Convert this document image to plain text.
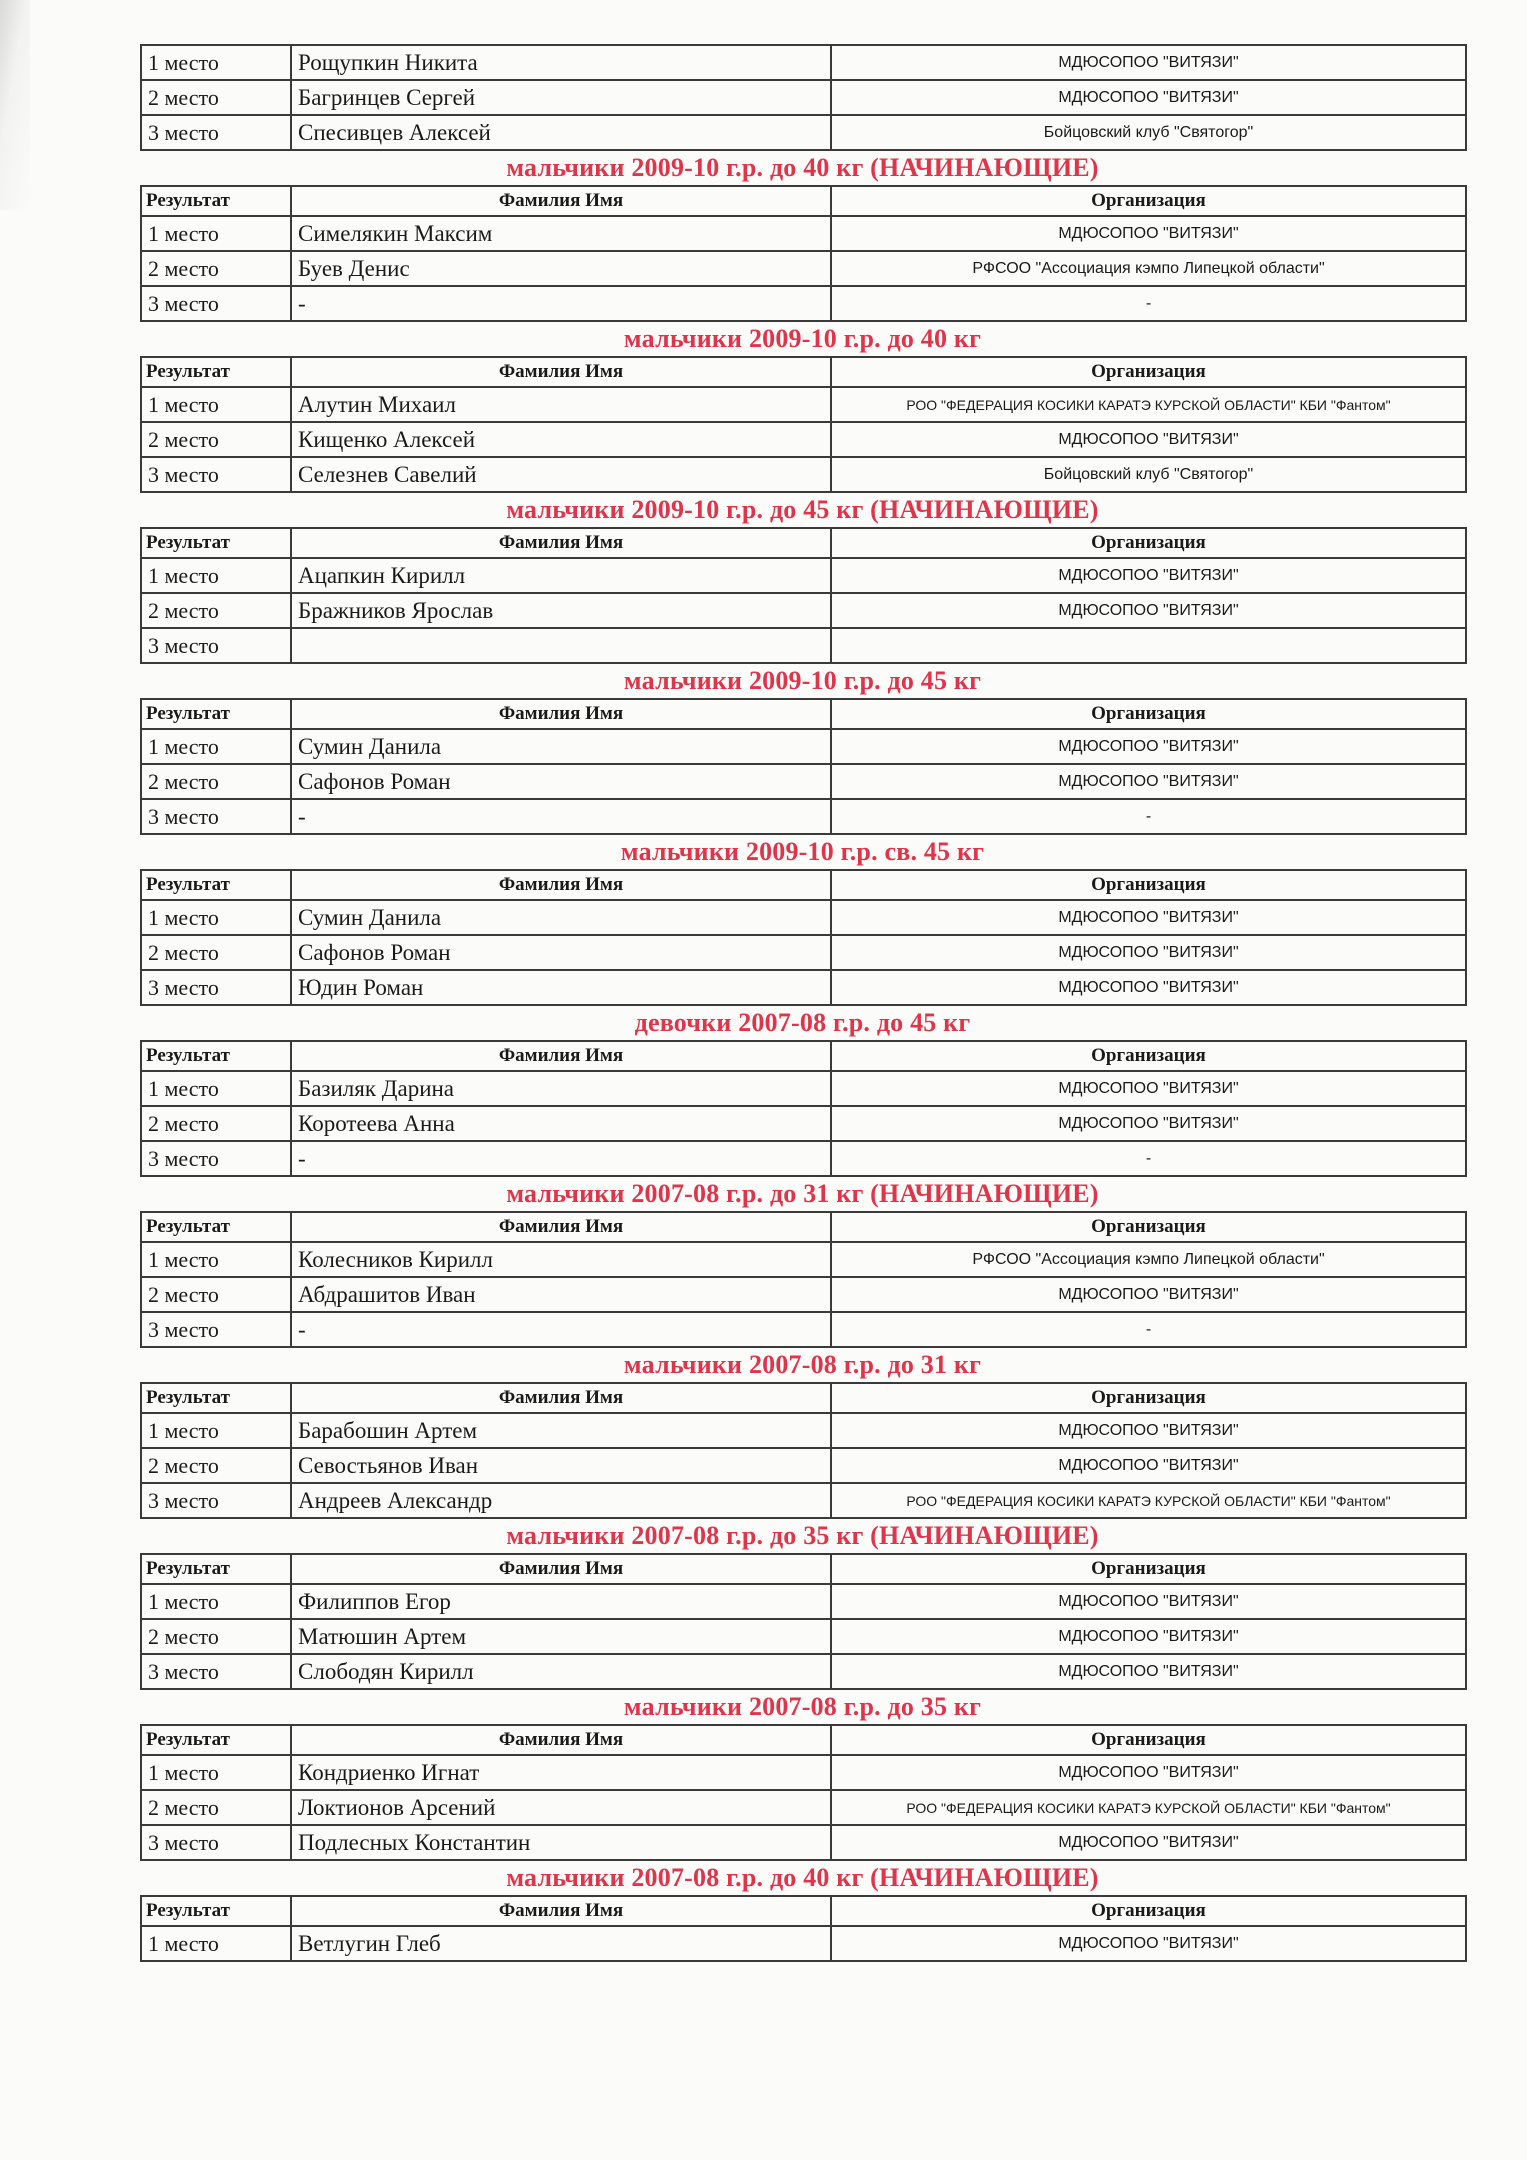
1 место	Рощупкин Никита	МДЮСОПОО "ВИТЯЗИ"
2 место	Багринцев Сергей	МДЮСОПОО "ВИТЯЗИ"
3 место	Спесивцев Алексей	Бойцовский клуб "Святогор"
мальчики 2009-10 г.р. до 40 кг (НАЧИНАЮЩИЕ)
Результат	Фамилия Имя	Организация
1 место	Симелякин Максим	МДЮСОПОО "ВИТЯЗИ"
2 место	Буев Денис	РФСОО "Ассоциация кэмпо Липецкой области"
3 место	-	-
мальчики 2009-10 г.р. до 40 кг
Результат	Фамилия Имя	Организация
1 место	Алутин Михаил	РОО "ФЕДЕРАЦИЯ КОСИКИ КАРАТЭ КУРСКОЙ ОБЛАСТИ" КБИ "Фантом"
2 место	Кищенко Алексей	МДЮСОПОО "ВИТЯЗИ"
3 место	Селезнев Савелий	Бойцовский клуб "Святогор"
мальчики 2009-10 г.р. до 45 кг (НАЧИНАЮЩИЕ)
Результат	Фамилия Имя	Организация
1 место	Ацапкин Кирилл	МДЮСОПОО "ВИТЯЗИ"
2 место	Бражников Ярослав	МДЮСОПОО "ВИТЯЗИ"
3 место		
мальчики 2009-10 г.р. до 45 кг
Результат	Фамилия Имя	Организация
1 место	Сумин Данила	МДЮСОПОО "ВИТЯЗИ"
2 место	Сафонов Роман	МДЮСОПОО "ВИТЯЗИ"
3 место	-	-
мальчики 2009-10 г.р. св. 45 кг
Результат	Фамилия Имя	Организация
1 место	Сумин Данила	МДЮСОПОО "ВИТЯЗИ"
2 место	Сафонов Роман	МДЮСОПОО "ВИТЯЗИ"
3 место	Юдин Роман	МДЮСОПОО "ВИТЯЗИ"
девочки 2007-08 г.р. до 45 кг
Результат	Фамилия Имя	Организация
1 место	Базиляк Дарина	МДЮСОПОО "ВИТЯЗИ"
2 место	Коротеева Анна	МДЮСОПОО "ВИТЯЗИ"
3 место	-	-
мальчики 2007-08 г.р. до 31 кг (НАЧИНАЮЩИЕ)
Результат	Фамилия Имя	Организация
1 место	Колесников Кирилл	РФСОО "Ассоциация кэмпо Липецкой области"
2 место	Абдрашитов Иван	МДЮСОПОО "ВИТЯЗИ"
3 место	-	-
мальчики 2007-08 г.р. до 31 кг
Результат	Фамилия Имя	Организация
1 место	Барабошин Артем	МДЮСОПОО "ВИТЯЗИ"
2 место	Севостьянов Иван	МДЮСОПОО "ВИТЯЗИ"
3 место	Андреев Александр	РОО "ФЕДЕРАЦИЯ КОСИКИ КАРАТЭ КУРСКОЙ ОБЛАСТИ" КБИ "Фантом"
мальчики 2007-08 г.р. до 35 кг (НАЧИНАЮЩИЕ)
Результат	Фамилия Имя	Организация
1 место	Филиппов Егор	МДЮСОПОО "ВИТЯЗИ"
2 место	Матюшин Артем	МДЮСОПОО "ВИТЯЗИ"
3 место	Слободян Кирилл	МДЮСОПОО "ВИТЯЗИ"
мальчики 2007-08 г.р. до 35 кг
Результат	Фамилия Имя	Организация
1 место	Кондриенко Игнат	МДЮСОПОО "ВИТЯЗИ"
2 место	Локтионов Арсений	РОО "ФЕДЕРАЦИЯ КОСИКИ КАРАТЭ КУРСКОЙ ОБЛАСТИ" КБИ "Фантом"
3 место	Подлесных Константин	МДЮСОПОО "ВИТЯЗИ"
мальчики 2007-08 г.р. до 40 кг (НАЧИНАЮЩИЕ)
Результат	Фамилия Имя	Организация
1 место	Ветлугин Глеб	МДЮСОПОО "ВИТЯЗИ"
